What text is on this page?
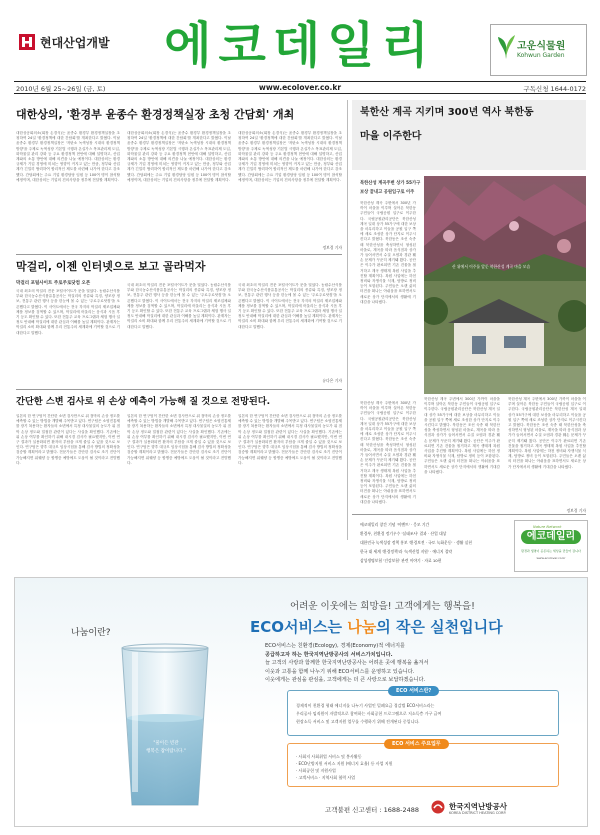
현대산업개발 에코데일리	고운식물원
Kohwun Garden
2010년 6월 25~26일 (금, 토)	www.ecolover.co.kr	구독신청 1644-0172
대한상의, '환경부 윤종수 환경정책실장 초청 간담회' 개최
대한상공회의소(회장 손경식)는 윤종수 환경부 환경정책실장을 초청하여 24일 '환경정책에 대한 간담회'를 개최한다고 밝혔다. 이날 윤종수 환경부 환경정책실장은 '저탄소 녹색성장 시대의 환경정책 방향'을 주제로 녹색성장 기본법 시행과 온실가스 목표관리제 도입, 화학물질 관리 강화 등 주요 환경정책 현안에 대해 설명하고, 산업계와의 소통 방안에 대해 의견을 나눌 예정이다. 대한상의는 환경 규제가 기업 경영에 미치는 영향이 커지고 있는 만큼, 정부와 산업계가 긴밀히 협력하여 합리적인 제도를 마련해 나가야 한다고 강조했다. 간담회에는 주요 기업 환경담당 임원 등 100여 명이 참석할 예정이며, 대한상의는 기업의 건의사항을 정부에 전달할 계획이다.
대한상공회의소(회장 손경식)는 윤종수 환경부 환경정책실장을 초청하여 24일 '환경정책에 대한 간담회'를 개최한다고 밝혔다. 이날 윤종수 환경부 환경정책실장은 '저탄소 녹색성장 시대의 환경정책 방향'을 주제로 녹색성장 기본법 시행과 온실가스 목표관리제 도입, 화학물질 관리 강화 등 주요 환경정책 현안에 대해 설명하고, 산업계와의 소통 방안에 대해 의견을 나눌 예정이다. 대한상의는 환경 규제가 기업 경영에 미치는 영향이 커지고 있는 만큼, 정부와 산업계가 긴밀히 협력하여 합리적인 제도를 마련해 나가야 한다고 강조했다. 간담회에는 주요 기업 환경담당 임원 등 100여 명이 참석할 예정이며, 대한상의는 기업의 건의사항을 정부에 전달할 계획이다.
대한상공회의소(회장 손경식)는 윤종수 환경부 환경정책실장을 초청하여 24일 '환경정책에 대한 간담회'를 개최한다고 밝혔다. 이날 윤종수 환경부 환경정책실장은 '저탄소 녹색성장 시대의 환경정책 방향'을 주제로 녹색성장 기본법 시행과 온실가스 목표관리제 도입, 화학물질 관리 강화 등 주요 환경정책 현안에 대해 설명하고, 산업계와의 소통 방안에 대해 의견을 나눌 예정이다. 대한상의는 환경 규제가 기업 경영에 미치는 영향이 커지고 있는 만큼, 정부와 산업계가 긴밀히 협력하여 합리적인 제도를 마련해 나가야 한다고 강조했다. 간담회에는 주요 기업 환경담당 임원 등 100여 명이 참석할 예정이며, 대한상의는 기업의 건의사항을 정부에 전달할 계획이다.
정보경 기자
막걸리, 이젠 인터넷으로 보고 골라먹자
막걸리 포털사이트 주로주로닷컴 오픈
국내 최초의 막걸리 전문 포털사이트가 문을 열었다. 농림수산식품부와 한국농수산식품유통공사는 막걸리의 종류와 특징, 양조장 정보, 전통주 관련 행사 등을 한눈에 볼 수 있는 '주로주로닷컴'을 오픈했다고 밝혔다. 이 사이트에서는 전국 각지의 막걸리 제조업체와 제품 정보를 검색할 수 있으며, 막걸리에 어울리는 음식과 시음 후기 등도 확인할 수 있다. 또한 전통주 교육 프로그램과 체험 행사 일정도 안내해 막걸리에 대한 관심과 이해를 높일 계획이다. 관계자는 막걸리 소비 확대와 함께 우리 전통주의 세계화에 기여할 것으로 기대한다고 말했다.
국내 최초의 막걸리 전문 포털사이트가 문을 열었다. 농림수산식품부와 한국농수산식품유통공사는 막걸리의 종류와 특징, 양조장 정보, 전통주 관련 행사 등을 한눈에 볼 수 있는 '주로주로닷컴'을 오픈했다고 밝혔다. 이 사이트에서는 전국 각지의 막걸리 제조업체와 제품 정보를 검색할 수 있으며, 막걸리에 어울리는 음식과 시음 후기 등도 확인할 수 있다. 또한 전통주 교육 프로그램과 체험 행사 일정도 안내해 막걸리에 대한 관심과 이해를 높일 계획이다. 관계자는 막걸리 소비 확대와 함께 우리 전통주의 세계화에 기여할 것으로 기대한다고 말했다.
국내 최초의 막걸리 전문 포털사이트가 문을 열었다. 농림수산식품부와 한국농수산식품유통공사는 막걸리의 종류와 특징, 양조장 정보, 전통주 관련 행사 등을 한눈에 볼 수 있는 '주로주로닷컴'을 오픈했다고 밝혔다. 이 사이트에서는 전국 각지의 막걸리 제조업체와 제품 정보를 검색할 수 있으며, 막걸리에 어울리는 음식과 시음 후기 등도 확인할 수 있다. 또한 전통주 교육 프로그램과 체험 행사 일정도 안내해 막걸리에 대한 관심과 이해를 높일 계획이다. 관계자는 막걸리 소비 확대와 함께 우리 전통주의 세계화에 기여할 것으로 기대한다고 말했다.
유다은 기자
간단한 스변 검사로 위 손상 예측이 가능해 질 것으로 전망된다.
일본의 한 연구팀이 간단한 소변 검사만으로 위 점막의 손상 정도를 예측할 수 있는 방법을 개발해 주목받고 있다. 연구팀은 소염진통제를 장기 복용하는 환자들의 소변에서 특정 대사물질의 농도가 위 점막 손상 정도와 밀접한 관련이 있다는 사실을 확인했다. 기존에는 위 손상 여부를 확인하기 위해 내시경 검사가 필요했지만, 이번 연구 결과가 실용화되면 환자의 부담을 크게 줄일 수 있을 것으로 보인다. 연구팀은 향후 대규모 임상시험을 통해 검사 방법의 정확성을 검증할 계획이라고 밝혔다. 전문가들은 간단한 검사로 조기 진단이 가능해지면 위궤양 등 합병증 예방에도 도움이 될 것이라고 전망했다.
일본의 한 연구팀이 간단한 소변 검사만으로 위 점막의 손상 정도를 예측할 수 있는 방법을 개발해 주목받고 있다. 연구팀은 소염진통제를 장기 복용하는 환자들의 소변에서 특정 대사물질의 농도가 위 점막 손상 정도와 밀접한 관련이 있다는 사실을 확인했다. 기존에는 위 손상 여부를 확인하기 위해 내시경 검사가 필요했지만, 이번 연구 결과가 실용화되면 환자의 부담을 크게 줄일 수 있을 것으로 보인다. 연구팀은 향후 대규모 임상시험을 통해 검사 방법의 정확성을 검증할 계획이라고 밝혔다. 전문가들은 간단한 검사로 조기 진단이 가능해지면 위궤양 등 합병증 예방에도 도움이 될 것이라고 전망했다.
일본의 한 연구팀이 간단한 소변 검사만으로 위 점막의 손상 정도를 예측할 수 있는 방법을 개발해 주목받고 있다. 연구팀은 소염진통제를 장기 복용하는 환자들의 소변에서 특정 대사물질의 농도가 위 점막 손상 정도와 밀접한 관련이 있다는 사실을 확인했다. 기존에는 위 손상 여부를 확인하기 위해 내시경 검사가 필요했지만, 이번 연구 결과가 실용화되면 환자의 부담을 크게 줄일 수 있을 것으로 보인다. 연구팀은 향후 대규모 임상시험을 통해 검사 방법의 정확성을 검증할 계획이라고 밝혔다. 전문가들은 간단한 검사로 조기 진단이 가능해지면 위궤양 등 합병증 예방에도 도움이 될 것이라고 전망했다.
북한산 계곡 지키며 300년 역사 북한동
마을 이주한다
북한산성 계곡주변 상가 55가구
보상 끝내고 공원입구로 이주
북한산성 계곡 주변에서 300년 가까이 마을을 이루며 살아온 북한동 주민들이 국립공원 입구로 이주한다. 국립공원관리공단은 북한산성 계곡 일대 상가 55가구에 대한 보상을 마무리하고 이들을 공원 입구 쪽에 새로 조성한 상가 단지로 이주시킨다고 밝혔다. 북한동은 조선 숙종 때 북한산성을 축성하면서 형성된 마을로, 계곡을 따라 음식점과 상가가 들어서면서 수질 오염과 경관 훼손 문제가 꾸준히 제기돼 왔다. 공단은 이주가 완료되면 기존 건물을 철거하고 계곡 생태계 복원 사업을 추진할 계획이다. 복원 사업에는 하천 정비와 자생식물 식재, 탐방로 정비 등이 포함된다. 주민들은 오랜 삶의 터전을 떠나는 아쉬움을 표하면서도 새로운 상가 단지에서의 생활에 기대감을 나타냈다.
산 위에서 이주를 앞둔 북한산성 계곡 마을 모습
북한산성 계곡 주변에서 300년 가까이 마을을 이루며 살아온 북한동 주민들이 국립공원 입구로 이주한다. 국립공원관리공단은 북한산성 계곡 일대 상가 55가구에 대한 보상을 마무리하고 이들을 공원 입구 쪽에 새로 조성한 상가 단지로 이주시킨다고 밝혔다. 북한동은 조선 숙종 때 북한산성을 축성하면서 형성된 마을로, 계곡을 따라 음식점과 상가가 들어서면서 수질 오염과 경관 훼손 문제가 꾸준히 제기돼 왔다. 공단은 이주가 완료되면 기존 건물을 철거하고 계곡 생태계 복원 사업을 추진할 계획이다. 복원 사업에는 하천 정비와 자생식물 식재, 탐방로 정비 등이 포함된다. 주민들은 오랜 삶의 터전을 떠나는 아쉬움을 표하면서도 새로운 상가 단지에서의 생활에 기대감을 나타냈다.
북한산성 계곡 주변에서 300년 가까이 마을을 이루며 살아온 북한동 주민들이 국립공원 입구로 이주한다. 국립공원관리공단은 북한산성 계곡 일대 상가 55가구에 대한 보상을 마무리하고 이들을 공원 입구 쪽에 새로 조성한 상가 단지로 이주시킨다고 밝혔다. 북한동은 조선 숙종 때 북한산성을 축성하면서 형성된 마을로, 계곡을 따라 음식점과 상가가 들어서면서 수질 오염과 경관 훼손 문제가 꾸준히 제기돼 왔다. 공단은 이주가 완료되면 기존 건물을 철거하고 계곡 생태계 복원 사업을 추진할 계획이다. 복원 사업에는 하천 정비와 자생식물 식재, 탐방로 정비 등이 포함된다. 주민들은 오랜 삶의 터전을 떠나는 아쉬움을 표하면서도 새로운 상가 단지에서의 생활에 기대감을 나타냈다.
북한산성 계곡 주변에서 300년 가까이 마을을 이루며 살아온 북한동 주민들이 국립공원 입구로 이주한다. 국립공원관리공단은 북한산성 계곡 일대 상가 55가구에 대한 보상을 마무리하고 이들을 공원 입구 쪽에 새로 조성한 상가 단지로 이주시킨다고 밝혔다. 북한동은 조선 숙종 때 북한산성을 축성하면서 형성된 마을로, 계곡을 따라 음식점과 상가가 들어서면서 수질 오염과 경관 훼손 문제가 꾸준히 제기돼 왔다. 공단은 이주가 완료되면 기존 건물을 철거하고 계곡 생태계 복원 사업을 추진할 계획이다. 복원 사업에는 하천 정비와 자생식물 식재, 탐방로 정비 등이 포함된다. 주민들은 오랜 삶의 터전을 떠나는 아쉬움을 표하면서도 새로운 상가 단지에서의 생활에 기대감을 나타냈다.
정보경 기자
에코데일리 창간 기념 '이벤트' · 응모 기간
환경부, 친환경 정기우수 '실태조사' 결과 · 산업 대상
대한민국 녹색성장 정책 홍보 '환경보전 · 국토 녹화운동' · 생활 실천
한국 대 세계 '환경정책'과 '녹색산업 지원' · 에너지 절약
삼성생명보험 '건강보험' 관련 이야기 · 자료 10편
Nature Network
에코데일리
환경과 생명이 공존하는 세상을 만들어 갑니다
www.ecolover.co.kr
어려운 이웃에는 희망을! 고객에게는 행복을!
ECO서비스는 나눔의 작은 실천입니다
나눔이란?
"물이든 빈잔
행복은 잡이랍니다."
ECO서비스는 친환경(Ecology), 경제(Economy)적 에너지를
공급하고자 하는 한국지역난방공사의 서비스가치입니다.
늘 고객의 사랑과 함께한 한국지역난방공사는 어려운 곳에 행복을 옮겨서
이웃과 고통을 함께 나누기 위해 ECO서비스를 운영하고 있습니다.
이웃에게는 관심을 관심을, 고객에게는 더 큰 사랑으로 보답하겠습니다.
ECO 서비스란?
경제적이 친환경 형태 에너지를 나누기 사업인 밀폐요금 경감법 ECO서비스라는
우리공사 임직원이 자발적으로 참여하는 사회공헌 프로그램으로 저소득층 가구 급여
현장소득 서비스 및 고객지원 업무를 수행하기 위해 전개된다 중입니다.
ECO 서비스 주요업무
· 사회저 사회취업 서비스 및 봉사활동
· ECO난방지원 서비스 지원 (에너지 효율) 등 사업 지원
· 사회공헌 및 지원사업
· 고객서비스 · 지역사회 협력 사업
고객불편 신고센터 : 1688-2488	한국지역난방공사
KOREA DISTRICT HEATING CORP.
